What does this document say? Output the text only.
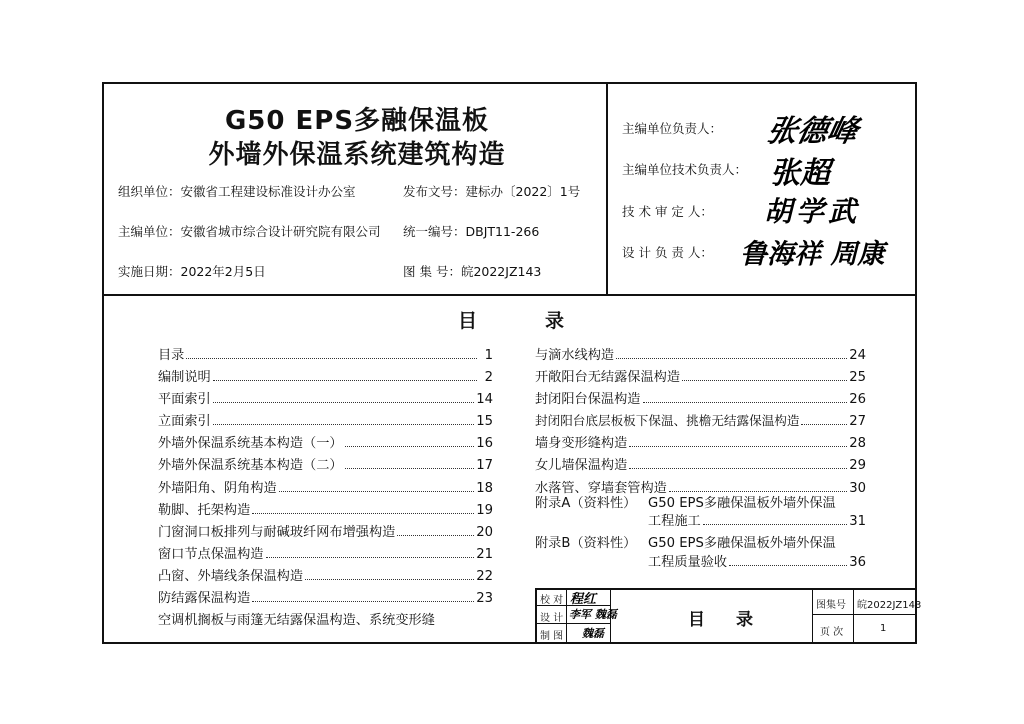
G50 EPS多融保温板
外墙外保温系统建筑构造
组织单位：安徽省工程建设标准设计办公室	发布文号：建标办〔2022〕1号
主编单位：安徽省城市综合设计研究院有限公司 统一编号：DBJT11-266
实施日期：2022年2月5日	图 集 号：皖2022JZ143
主编单位负责人： 张德峰
主编单位技术负责人： 张超
技 术 审 定 人： 胡学武
设 计 负 责 人： 鲁海祥 周康
目	录
目录	1
编制说明	2
平面索引	14
立面索引	15
外墙外保温系统基本构造（一）	16
外墙外保温系统基本构造（二）	17
外墙阳角、阴角构造	18
勒脚、托架构造	19
门窗洞口板排列与耐碱玻纤网布增强构造	20
窗口节点保温构造	21
凸窗、外墙线条保温构造	22
防结露保温构造	23
空调机搁板与雨篷无结露保温构造、系统变形缝
与滴水线构造	24
开敞阳台无结露保温构造	25
封闭阳台保温构造	26
封闭阳台底层板板下保温、挑檐无结露保温构造	27
墙身变形缝构造	28
女儿墙保温构造	29
水落管、穿墙套管构造	30
附录A（资料性） G50 EPS多融保温板外墙外保温
工程施工	31
附录B（资料性） G50 EPS多融保温板外墙外保温
工程质量验收	36
校 对 程红
设 计 李军 魏磊
制 图 魏磊
目 录
图集号 皖2022JZ143
页 次	1
